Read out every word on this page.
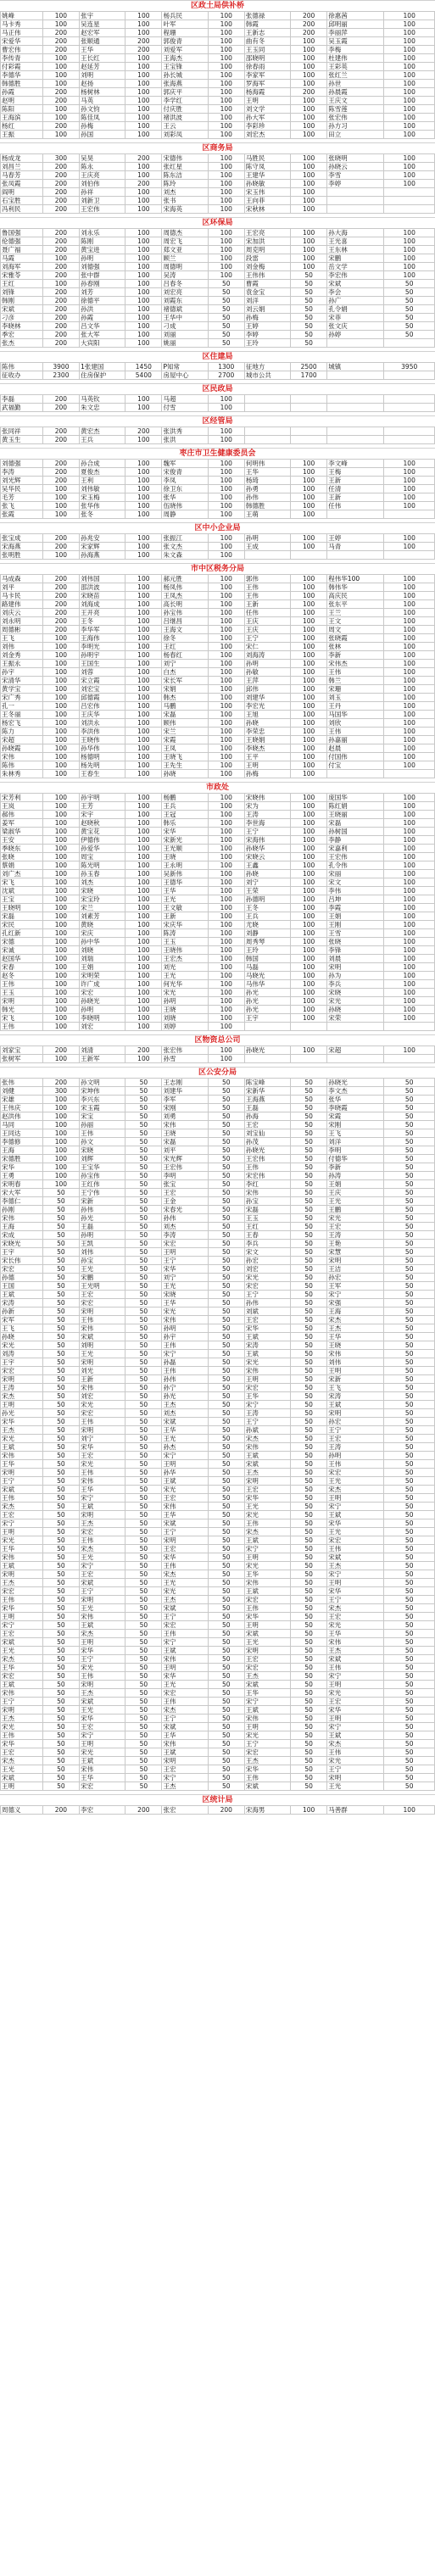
区政土局供补桥
姚峰	100	张宇	100	杨兵民	100	张德禄	200	徐惠茜	100
马卡秀	100	吴连星	100	叶军	100	韩霞	200	邱明丽	100
马正伟	200	赵宏军	100	程珊	100	王新志	200	李丽萍	100
宋爱华	200	张顺通	200	郭俊青	100	曲有冬	100	吴玉霞	100
曹宏伟	200	王华	200	刘爱军	100	王玉同	100	李梅	100
李传青	100	王长红	100	王海杰	100	邵晓明	100	杜建伟	100
付彩霞	100	赵延芳	100	王宝锋	100	徐春雨	100	王彩英	100
李德华	100	刘明	100	孙长城	100	李家军	100	张红兰	100
韩德胜	100	赵扬	100	张海燕	100	罗海军	100	孙世	100
孙霞	200	杨树林	100	郭庆平	100	杨海霞	200	孙晨霞	100
赵明	200	马英	100	李学红	100	王明	100	王庆文	100
陈阳	100	孙文钧	100	付庆胜	100	刘文学	100	陈雪莲	100
王海滨	100	陈佳凤	100	褚洪波	100	孙大军	100	张宏伟	100
杨红	200	孙梅	100	王云	100	李彩珍	100	孙方习	100
王振	100	孙国	100	刘彩凤	100	刘宏杰	100	田立	100
区商务局
杨成龙	300	吴昊	200	宋德伟	100	马胜民	100	张晓明	100
刘昌兰	200	陈永	100	张红星	100	陈守凤	100	孙晓云	100
马春芳	200	王庆亮	100	陈东洁	100	王建华	100	李雪	100
张凤霞	200	刘伯伟	200	陈玲	100	孙晓敏	100	李婷	100
阎明	200	孙祥	100	刘杰	100	宋玉伟	100		
石宝胜	200	刘新卫	100	张书	100	王向菲	100		
冯利民	200	王宏伟	100	宋海英	100	宋秋林	100		
区环保局
鲁国强	200	刘永乐	100	周德杰	100	王宏亮	100	孙大海	100
伦德强	200	陈刚	100	周宏飞	100	宋加洪	100	王光喜	100
聂广福	200	黄宝进	100	郑文亚	100	周克明	100	王东林	100
马霞	100	孙明	100	顾兰	100	段雷	100	宋鹏	100
刘海军	200	刘德强	100	周德明	100	刘金梅	100	岳文学	100
宋雅苓	200	张中群	100	吴涛	100	王伟伟	50	李宏伟	100
王红	100	孙春刚	100	吕春冬	50	曹霞	50	宋斌	50
刘锋	200	刘芳	100	刘宏亮	50	袁金宝	50	李会	50
韩刚	200	徐德平	100	刘霞东	50	刘洋	50	孙广	50
宋斌	200	孙洪	100	褚德斌	50	刘云娟	50	孔令娟	50
刁彦	200	孙霞	100	王华中	50	孙梅	50	宋菲	50
李晓林	200	吕文华	100	刁成	50	王婷	50	张文庆	50
季宏	200	张大军	100	刘丽	50	李婷	50	孙婷	50
张杰	200	大宾阳	100	姚丽	50	王玲	50		
区住建局
陈伟	3900	1张建国	1450	P知常	1300	征地方	2500	城镇	3950
征收办	2300	住房保护	5400	房屋中心	2700	城市公共	1700		
区民政局
李磊	200	马英钦	100	马超	100				
武福勤	200	朱文忠	100	付雪	100				
区经管局
张同祥	200	黄宏杰	200	张洪秀	100				
黄玉生	200	王兵	100	张洪	100				
枣庄市卫生健康委员会
刘德强	200	孙合成	100	魏军	100	何明伟	100	李文峰	100
李涛	200	夏俊杰	100	宋俊青	100	王华	100	王梅	100
刘光辉	200	王利	100	李凤	100	杨琦	100	王新	100
吴华民	100	刘伟敏	100	徐卫东	100	孙勇	100	任清	100
毛芳	100	宋玉梅	100	张华	100	孙伟	100	王新	100
张飞	100	张华伟	100	伍晓伟	100	韩德胜	100	任伟	100
张霞	100	张冬	100	周静	100	王萌	100		
区中小企业局
张宝成	200	孙兆安	100	张振江	100	孙明	100	王婷	100
宋海燕	200	宋家辉	100	张文杰	100	王成	100	马青	100
张明胜	100	孙海燕	100	朱文森	100				
市中区税务分局
马成森	200	刘伟国	100	郝元胜	100	郭伟	100	程伟华100	100
刘平	200	邵洪波	100	杨凤伟	100	王伟	100	韩伟华	100
马卡民	200	宋晓苗	100	王凤杰	100	王伟	100	高庆民	100
路建伟	200	刘海成	100	高长明	100	王新	100	张东平	100
刘庆云	200	王开亮	100	孙宝伟	100	任伟	100	王兰	100
刘永明	200	王冬	100	吕继昌	100	王庆	100	王文	100
周德彬	200	李华军	100	王海文	100	王庆	100	周文	100
王飞	100	王海伟	100	徐冬	100	王宁	100	张晓霞	100
刘伟	100	李明光	100	王红	100	宋仁	100	张林	100
刘金秀	100	孙明宇	100	杨春红	100	刘海涛	100	李新	100
王振永	100	王国生	100	刘宁	100	孙明	100	宋伟杰	100
孙宇	100	刘蓉	100	白杰	100	孙敏	100	王伟	100
宋清华	100	宋立霞	100	宋长军	100	王萍	100	韩兰	100
黄学宝	100	刘宏宝	100	宋娟	100	邱伟	100	宋珊	100
宋广秀	100	邱德霞	100	韩杰	100	刘建华	100	刘玉	100
孔一	100	吕宏伟	100	马鹏	100	李宏光	100	王丹	100
王冬丽	100	王庆华	100	宋磊	100	王旭	100	马国华	100
杨宏飞	100	刘洪永	100	顾伟	100	孙晓	100	刘欣	100
陈力	100	李洪伟	100	宋兰	100	李荣忠	100	王伟	100
宋超	100	王晓伟	100	宋霞	100	王晓娟	100	孙嘉丽	100
孙晓霞	100	孙华伟	100	王凤	100	李晓杰	100	赵晨	100
宋伟	100	杨德明	100	王晓飞	100	王平	100	付国伟	100
陈伟	100	杨先明	100	王先生	100	王明	100	付宝	100
朱林秀	100	王春生	100	孙晓	100	孙梅	100		
市政处
宋芳利	100	孙宇明	100	杨鹏	100	宋晓伟	100	庞国华	100
王岚	100	王芳	100	王兵	100	宋为	100	陈红娟	100
郝伟	100	宋宇	100	王冠	100	王涛	100	王晓丽	100
姜军	100	赵晓秋	100	韩乐	100	李世海	100	宋磊	100
梁淑华	100	黄宝花	100	宋华	100	王宁	100	孙树国	100
王安	100	伊德伟	100	宋新光	100	宋海伟	100	李静	100
季晓东	100	孙爱华	100	王光顺	100	孙晓华	100	宋嘉利	100
张晓	100	周宝	100	王晓	100	宋晓云	100	王宏伟	100
蔡娟	100	陈光明	100	王永明	100	王鑫	100	孔令伟	100
刘广杰	100	孙玉春	100	吴新伟	100	孙晓	100	宋丽	100
宋飞	100	刘杰	100	王德华	100	刘宁	100	宋文	100
沈斌	100	宋晓	100	王华	100	王荣	100	李伟	100
王宝	100	宋宝玲	100	王光	100	孙德明	100	吕坤	100
王晓明	100	宋兰	100	王文敏	100	王冬	100	李霞	100
宋磊	100	刘素芳	100	王新	100	王兵	100	王娟	100
宋民	100	黄晓	100	宋庆华	100	尤晓	100	王刚	100
孔红新	100	宋庆	100	陈涛	100	刘静	100	王雪	100
宋德	100	孙中华	100	王玉	100	周秀琴	100	张晓	100
宋诚	100	刘晓	100	王晓伟	100	王玲	100	李锋	100
赵国华	100	刘瑞	100	王宏杰	100	韩国	100	刘晨	100
宋春	100	王娟	100	刘光	100	马磊	100	宋明	100
赵冬	100	宋明荣	100	王光	100	马晓光	100	孙为	100
王伟	100	许广成	100	何光华	100	马伟华	100	李兵	100
王玉	100	宋宏	100	宋光	100	孙光	100	宋晓	100
宋明	100	孙晓光	100	孙明	100	孙光	100	宋光	100
韩光	100	孙明	100	王晓	100	孙光	100	孙晓	100
宋飞	100	李晓明	100	刘晓	100	王宇	100	宋荣	100
王伟	100	刘宏	100	刘婷	100				
区物资总公司
刘家宝	200	刘清	200	张宏伟	100	孙晓光	100	宋超	100
张树军	100	王新军	100	孙雪	100				
区公安分局
张伟	200	孙文明	50	王志刚	50	陈宝峰	50	孙晓光	50
刘健	300	宋坤伟	50	刘建华	50	宋新华	50	李文杰	50
宋雄	100	李兴东	50	李军	50	王海燕	50	张华	50
王伟庆	100	宋玉霞	50	宋刚	50	王磊	50	李晓霞	50
赵洪伟	100	宋宝	50	刘勇	50	孙海	50	宋霞	50
马同	100	孙丽	50	宋伟	50	王宏	50	宋刚	50
王同达	100	王伟	50	王晓	50	刘宝仙	50	王飞	50
李德修	100	孙文	50	宋磊	50	孙茂	50	刘洋	50
王海	100	宋晓	50	刘平	50	孙晓光	50	李明	50
宋德胜	100	刘辉	50	宋光辉	50	王宏伟	50	付德华	50
宋华	100	王宝华	50	王宏伟	50	王伟	50	李新	50
王勇	100	孙宝伟	50	李明	50	宋宏伟	50	孙涛	50
宋明春	100	王红伟	50	张宝	50	李红	50	王娟	50
宋大军	50	王宁伟	50	王宏	50	宋伟	50	王庆	50
李德仁	50	宋新	50	王金	50	孙宝	50	王光	50
孙刚	50	孙伟	50	宋春光	50	宋磊	50	王鹏	50
宋伟	50	孙光	50	孙伟	50	王玉	50	宋光	50
王海	50	王磊	50	刘杰	50	王红	50	王宏	50
宋成	50	孙明	50	李涛	50	王春	50	王涛	50
宋晓光	50	王凯	50	宋宏	50	李兵	50	王艳	50
王宇	50	刘伟	50	王明	50	宋文	50	宋慧	50
宋长伟	50	孙宝	50	王宁	50	孙宏	50	宋明	50
宋宏	50	王光	50	宋华	50	刘宏	50	王洁	50
孙德	50	宋鹏	50	刘宁	50	宋光	50	孙宏	50
王国	50	王光明	50	王光	50	宋宏	50	王军	50
王斌	50	王宏	50	宋晓	50	王宁	50	宋宁	50
宋涛	50	宋宏	50	王华	50	孙伟	50	宋强	50
孙新	50	宋明	50	宋光	50	刘斌	50	王海	50
宋军	50	王伟	50	宋伟	50	王宏	50	宋杰	50
王飞	50	宋伟	50	孙明	50	宋华	50	王杰	50
孙晓	50	宋斌	50	孙宇	50	王斌	50	王华	50
宋光	50	刘明	50	王伟	50	宋涛	50	王晓	50
刘涛	50	王光	50	宋宁	50	王斌	50	宋伟	50
王宇	50	宋明	50	孙磊	50	宋光	50	刘伟	50
宋宏	50	刘光	50	王伟	50	宋伟	50	王明	50
宋明	50	王新	50	孙伟	50	王明	50	宋新	50
王涛	50	宋伟	50	孙宁	50	宋宏	50	王飞	50
宋杰	50	刘宏	50	孙光	50	王华	50	宋涛	50
王明	50	宋光	50	王杰	50	宋宁	50	王斌	50
孙光	50	宋宏	50	刘杰	50	王涛	50	宋明	50
宋华	50	王伟	50	宋斌	50	王宁	50	孙宏	50
王杰	50	宋明	50	王华	50	孙斌	50	王宁	50
宋光	50	刘宁	50	王光	50	宋杰	50	王宏	50
王斌	50	宋华	50	孙杰	50	宋伟	50	王涛	50
宋伟	50	王宏	50	宋宁	50	王斌	50	孙明	50
王华	50	宋光	50	王明	50	宋斌	50	王伟	50
宋明	50	王伟	50	孙华	50	王杰	50	宋宏	50
王宁	50	宋伟	50	王斌	50	宋明	50	王光	50
宋斌	50	王华	50	宋光	50	王宏	50	宋杰	50
王伟	50	宋宁	50	王宏	50	宋华	50	王明	50
宋杰	50	王斌	50	宋伟	50	王光	50	宋宁	50
王宏	50	宋明	50	王华	50	宋光	50	王斌	50
宋宁	50	王杰	50	宋斌	50	王伟	50	宋华	50
王明	50	宋宏	50	王宁	50	宋杰	50	王光	50
宋光	50	王伟	50	宋明	50	王斌	50	宋宏	50
王华	50	宋杰	50	王宏	50	宋宁	50	王伟	50
宋伟	50	王光	50	宋华	50	王明	50	宋斌	50
王斌	50	宋宁	50	王伟	50	宋光	50	王杰	50
宋明	50	王宏	50	宋杰	50	王华	50	宋宁	50
王杰	50	宋斌	50	王光	50	宋伟	50	王明	50
宋宏	50	王宁	50	宋光	50	王斌	50	宋华	50
王伟	50	宋明	50	王杰	50	宋宏	50	王宁	50
宋华	50	王光	50	宋斌	50	王伟	50	宋杰	50
王明	50	宋伟	50	王宁	50	宋华	50	王宏	50
宋宁	50	王斌	50	宋宏	50	王明	50	宋光	50
王宏	50	宋杰	50	王伟	50	宋斌	50	王华	50
宋斌	50	王明	50	宋宁	50	王光	50	宋伟	50
王光	50	宋华	50	王斌	50	宋明	50	王杰	50
宋杰	50	王宁	50	宋伟	50	王宏	50	宋斌	50
王华	50	宋光	50	王明	50	宋宏	50	王伟	50
宋宏	50	王伟	50	宋华	50	王杰	50	宋宁	50
王斌	50	宋明	50	王光	50	宋斌	50	王明	50
宋伟	50	王杰	50	宋宏	50	王华	50	宋光	50
王宁	50	宋斌	50	王伟	50	宋宁	50	王宏	50
宋明	50	王光	50	宋杰	50	王斌	50	宋华	50
王杰	50	宋华	50	王宁	50	宋伟	50	王明	50
宋光	50	王宏	50	宋斌	50	王明	50	宋宁	50
王伟	50	宋宁	50	王华	50	宋光	50	王斌	50
宋华	50	王明	50	宋伟	50	王宁	50	宋杰	50
王宏	50	宋光	50	王斌	50	宋宏	50	王伟	50
宋杰	50	王斌	50	宋明	50	王杰	50	宋光	50
王光	50	宋伟	50	王宏	50	宋华	50	王宁	50
宋斌	50	王华	50	宋宁	50	王伟	50	宋明	50
王明	50	宋宏	50	王杰	50	宋斌	50	王光	50
区统计局
周德义	200	李宏	200	张宏	200	宋海男	100	马善群	100
